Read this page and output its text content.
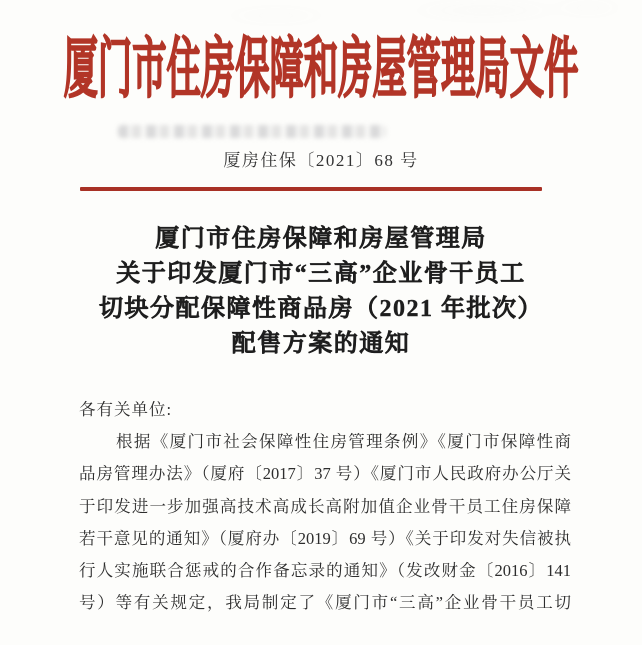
厦门市住房保障和房屋管理局文件
厦房住保〔2021〕68 号
厦门市住房保障和房屋管理局
关于印发厦门市“三高”企业骨干员工
切块分配保障性商品房（2021 年批次）
配售方案的通知
各有关单位:
根据《厦门市社会保障性住房管理条例》《厦门市保障性商
品房管理办法》（厦府〔2017〕37 号）《厦门市人民政府办公厅关
于印发进一步加强高技术高成长高附加值企业骨干员工住房保障
若干意见的通知》（厦府办〔2019〕69 号）《关于印发对失信被执
行人实施联合惩戒的合作备忘录的通知》（发改财金〔2016〕141
号）等有关规定，我局制定了《厦门市“三高”企业骨干员工切
